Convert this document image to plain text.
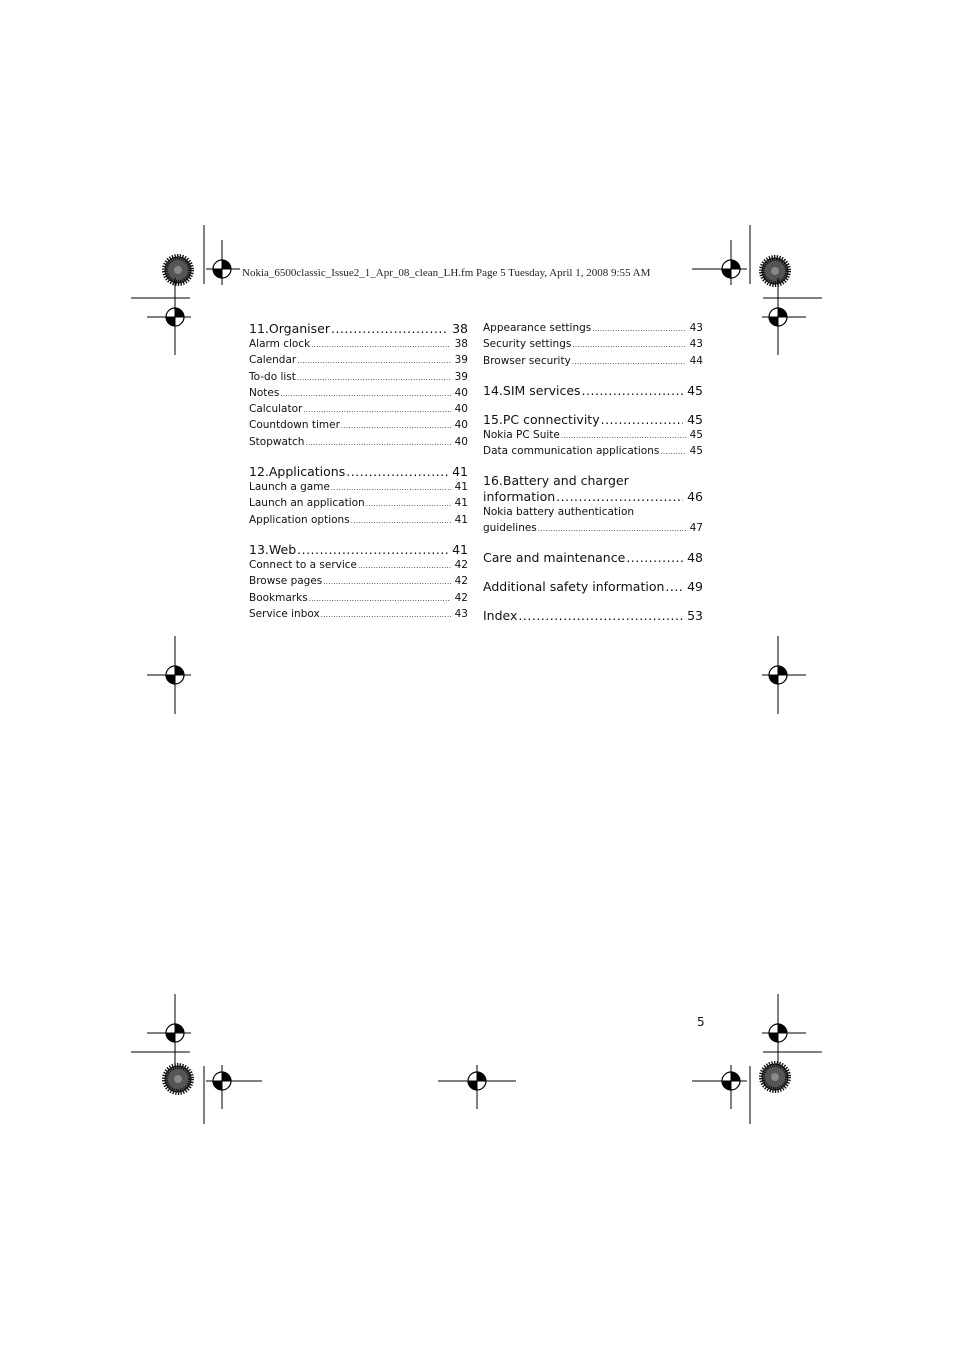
Nokia_6500classic_Issue2_1_Apr_08_clean_LH.fm Page 5 Tuesday, April 1, 2008 9:55 AM
11.Organiser .....	38
Alarm clock .....	38
Calendar .....	39
To-do list .....	39
Notes .....	40
Calculator .....	40
Countdown timer .....	40
Stopwatch .....	40
12.Applications .....	41
Launch a game .....	41
Launch an application .....	41
Application options .....	41
13.Web .....	41
Connect to a service .....	42
Browse pages .....	42
Bookmarks .....	42
Service inbox .....	43
Appearance settings .....	43
Security settings .....	43
Browser security .....	44
14.SIM services .....	45
15.PC connectivity .....	45
Nokia PC Suite .....	45
Data communication applications .....	45
16.Battery and charger
information .....	46
Nokia battery authentication
guidelines .....	47
Care and maintenance .....	48
Additional safety information ..... 49
Index .....	53
5
